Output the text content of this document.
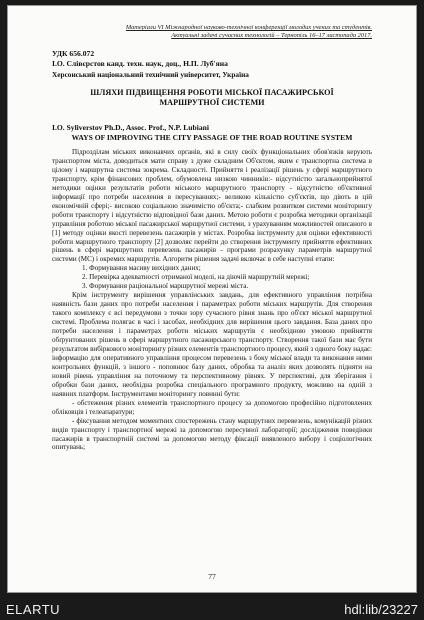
Матеріали VI Міжнародної науково-технічної конференції молодих учених та студентів.
Актуальні задачі сучасних технологій – Тернопіль 16–17 листопада 2017.
УДК 656.072
І.О. Слівєрстов канд. техн. наук, доц., Н.П. Луб'яна
Херсонський національний технічний університет, Україна
ШЛЯХИ ПІДВИЩЕННЯ РОБОТИ МІСЬКОЇ ПАСАЖИРСЬКОЇ МАРШРУТНОЇ СИСТЕМИ
I.O. Syliverstov Ph.D., Assoc. Prof., N.P. Lubiani
WAYS OF IMPROVING THE CITY PASSAGE OF THE ROAD ROUTINE SYSTEM

Підрозділам міських виконавчих органів, які в силу своїх функціональних обов'язків керують транспортом міста, доводиться мати справу з дуже складним Об'єктом, яким є транспортна система в цілому і маршрутна система зокрема. Складності. Прийняття і реалізації рішень у сфері маршрутного транспорту, крім фінансових проблем, обумовлена низкою чинників:- відсутністю загальноприйнятої методики оцінки результатів роботи міського маршрутного транспорту - відсутністю об'єктивної інформації про потреби населення в пересуваннях;- великою кількістю суб'єктів, що діють в цій економічній сфері;- високою соціальною значимістю об'єкта;- слабким розвитком системи моніторингу роботи транспорту і відсутністю відповідної бази даних. Метою роботи є розробка методики організації управління роботою міської пасажирської маршрутної системи, з урахуванням можливостей описаного в [1] методу оцінки якості перевезень пасажирів у містах. Розробка інструменту для оцінки ефективності роботи маршрутного транспорту [2] дозволяє перейти до створення інструменту прийняття ефективних рішень в сфері маршрутних перевезень пасажирів - програми розрахунку параметрів маршрутної системи (МС) і окремих маршрутів. Алгоритм рішення задачі включає в себе наступні етапи:

1. Формування масиву вихідних даних;

2. Перевірка адекватності отриманої моделі, на діючій маршрутній мережі;

3. Формування раціональної маршрутної мережі міста.

Крім інструменту вирішення управлінських завдань, для ефективного управління потрібна наявність бази даних про потреби населення і параметрах роботи міських маршрутів. Для створення такого комплексу є всі передумови з точки зору сучасного рівня знань про об'єкт міської маршрутної системі. Проблема полягає в часі і засобах, необхідних для вирішення цього завдання. База даних про потреби населення і параметрах роботи міських маршрутів є необхідною умовою прийняття обґрунтованих рішень в сфері маршрутного пасажирського транспорту. Створення такої бази має бути результатом вибіркового моніторингу різних елементів транспортного процесу, який з одного боку надає: інформацію для оперативного управління процесом перевезень з боку міської влади та виконання ними контрольних функцій, з іншого - поповнює базу даних, обробка та аналіз яких дозволять підняти на новий рівень управління на поточному та перспективному рівнях. У перспективі, для зберігання і обробки бази даних, необхідна розробка спеціального програмного продукту, можливо на одній з наявних платформ. Інструментами моніторингу повинні бути:

- обстеження різних елементів транспортного процесу за допомогою професійно підготовлених обліковців і телеапаратури;

- фіксування методом моментних спостережень стану маршрутних перевезень, комунікацій різних видів транспорту і транспортної мережі за допомогою пересувної лабораторії; дослідження поведінки пасажирів в транспортній системі за допомогою методу фіксації виявленого вибору і соціологічних опитувань;

77
ELARTU	hdl:lib/23227
